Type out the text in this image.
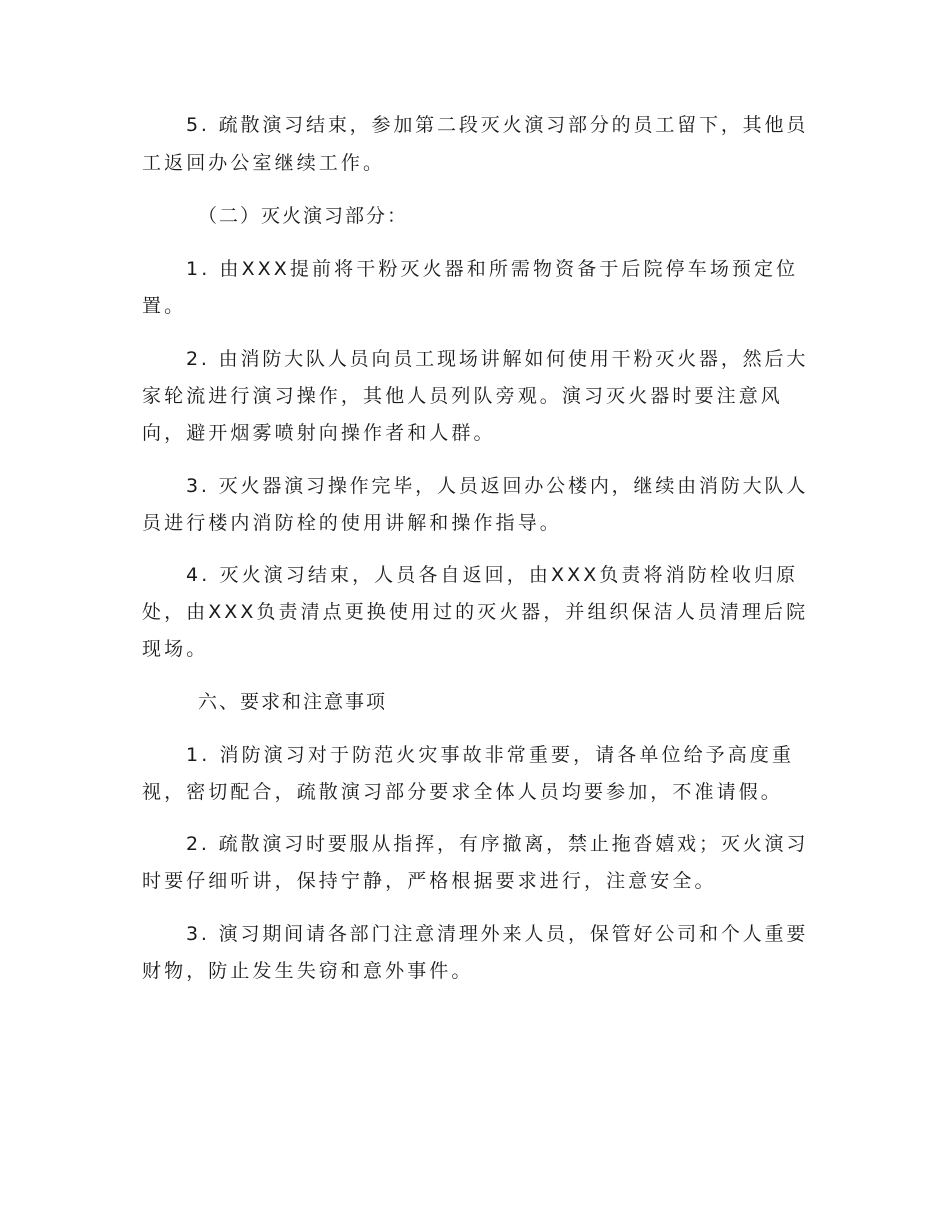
5. 疏散演习结束，参加第二段灭火演习部分的员工留下，其他员
工返回办公室继续工作。
（二）灭火演习部分：
1. 由XXX提前将干粉灭火器和所需物资备于后院停车场预定位
置。
2. 由消防大队人员向员工现场讲解如何使用干粉灭火器，然后大
家轮流进行演习操作，其他人员列队旁观。演习灭火器时要注意风
向，避开烟雾喷射向操作者和人群。
3. 灭火器演习操作完毕，人员返回办公楼内，继续由消防大队人
员进行楼内消防栓的使用讲解和操作指导。
4. 灭火演习结束，人员各自返回，由XXX负责将消防栓收归原
处，由XXX负责清点更换使用过的灭火器，并组织保洁人员清理后院
现场。
六、要求和注意事项
1. 消防演习对于防范火灾事故非常重要，请各单位给予高度重
视，密切配合，疏散演习部分要求全体人员均要参加，不准请假。
2. 疏散演习时要服从指挥，有序撤离，禁止拖沓嬉戏；灭火演习
时要仔细听讲，保持宁静，严格根据要求进行，注意安全。
3. 演习期间请各部门注意清理外来人员，保管好公司和个人重要
财物，防止发生失窃和意外事件。
